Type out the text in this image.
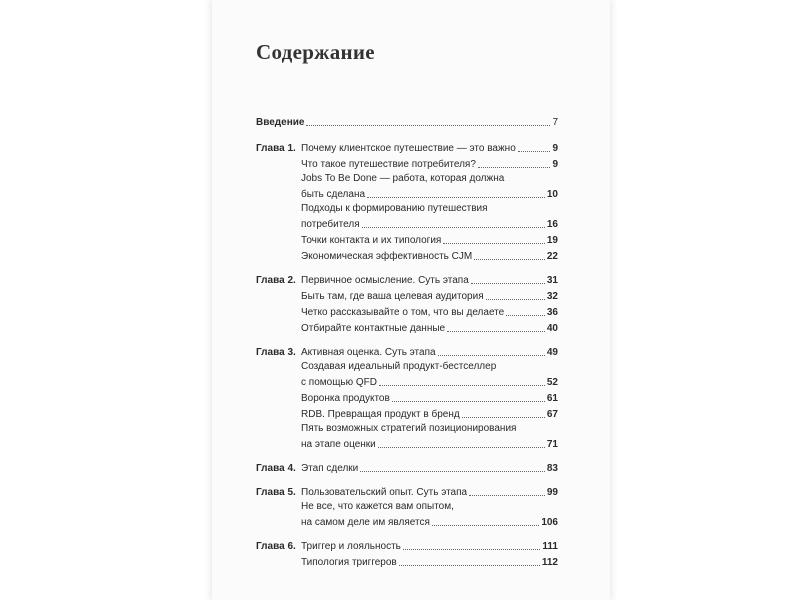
Содержание
Введение	7
Глава 1. Почему клиентское путешествие — это важно	9
Что такое путешествие потребителя?	9
Jobs To Be Done — работа, которая должна
быть сделана	10
Подходы к формированию путешествия
потребителя	16
Точки контакта и их типология	19
Экономическая эффективность CJM	22
Глава 2. Первичное осмысление. Суть этапа	31
Быть там, где ваша целевая аудитория	32
Четко рассказывайте о том, что вы делаете	36
Отбирайте контактные данные	40
Глава 3. Активная оценка. Суть этапа	49
Создавая идеальный продукт-бестселлер
с помощью QFD	52
Воронка продуктов	61
RDB. Превращая продукт в бренд	67
Пять возможных стратегий позиционирования
на этапе оценки	71
Глава 4. Этап сделки	83
Глава 5. Пользовательский опыт. Суть этапа	99
Не все, что кажется вам опытом,
на самом деле им является	106
Глава 6. Триггер и лояльность	111
Типология триггеров	112
